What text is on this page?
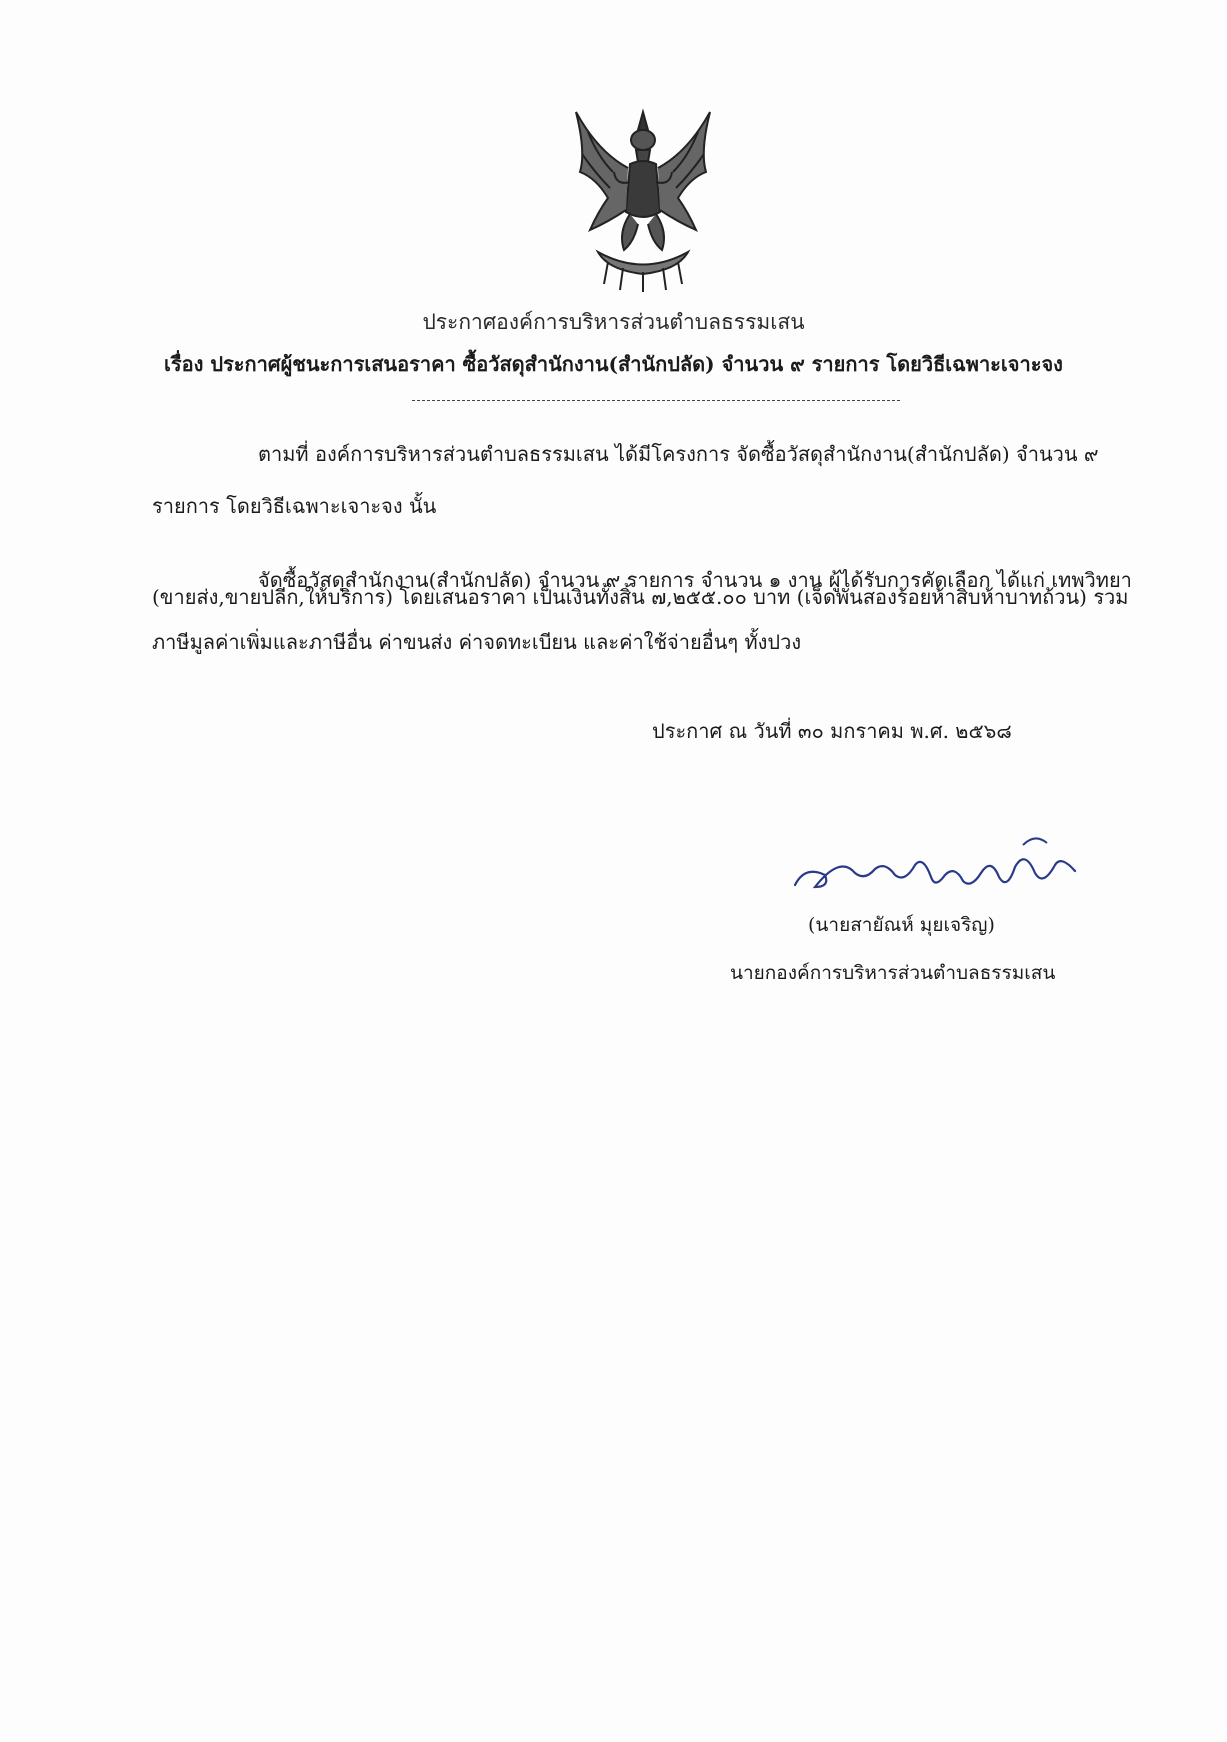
ประกาศองค์การบริหารส่วนตำบลธรรมเสน
เรื่อง ประกาศผู้ชนะการเสนอราคา ซื้อวัสดุสำนักงาน(สำนักปลัด) จำนวน ๙ รายการ โดยวิธีเฉพาะเจาะจง
ตามที่ องค์การบริหารส่วนตำบลธรรมเสน ได้มีโครงการ จัดซื้อวัสดุสำนักงาน(สำนักปลัด) จำนวน ๙
รายการ โดยวิธีเฉพาะเจาะจง นั้น
จัดซื้อวัสดุสำนักงาน(สำนักปลัด) จำนวน ๙ รายการ จำนวน ๑ งาน ผู้ได้รับการคัดเลือก ได้แก่ เทพวิทยา
(ขายส่ง,ขายปลีก,ให้บริการ) โดยเสนอราคา เป็นเงินทั้งสิ้น ๗,๒๕๕.๐๐ บาท (เจ็ดพันสองร้อยห้าสิบห้าบาทถ้วน) รวม
ภาษีมูลค่าเพิ่มและภาษีอื่น ค่าขนส่ง ค่าจดทะเบียน และค่าใช้จ่ายอื่นๆ ทั้งปวง
ประกาศ ณ วันที่ ๓๐ มกราคม พ.ศ. ๒๕๖๘
(นายสายัณห์ มุยเจริญ)
นายกองค์การบริหารส่วนตำบลธรรมเสน
